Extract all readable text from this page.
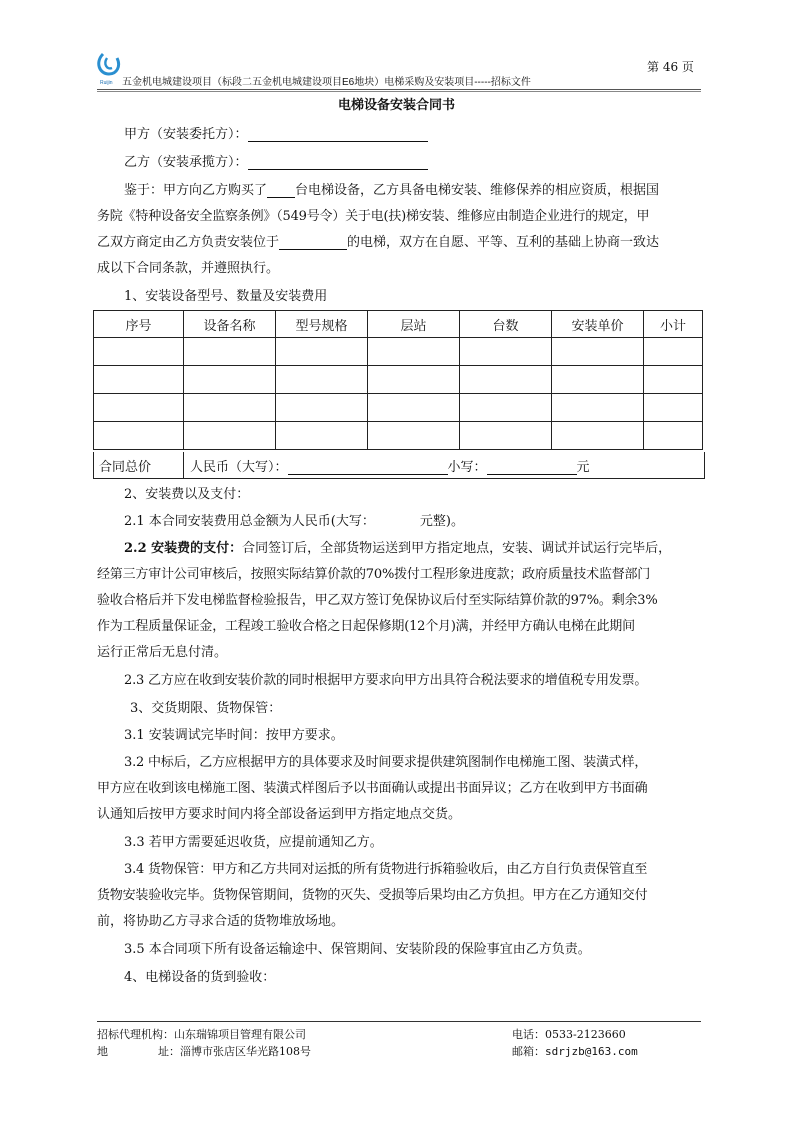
Ruijin
第 46 页
五金机电城建设项目（标段二五金机电城建设项目E6地块）电梯采购及安装项目-----招标文件
电梯设备安装合同书
甲方（安装委托方）：
乙方（安装承揽方）：
鉴于：甲方向乙方购买了 台电梯设备，乙方具备电梯安装、维修保养的相应资质，根据国
务院《特种设备安全监察条例》（549号令）关于电(扶)梯安装、维修应由制造企业进行的规定，甲
乙双方商定由乙方负责安装位于	的电梯，双方在自愿、平等、互利的基础上协商一致达
成以下合同条款，并遵照执行。
1、安装设备型号、数量及安装费用
序号	设备名称	型号规格	层站	台数	安装单价	小计

合同总价	人民币（大写）：	小写：	元
2、安装费以及支付：
2.1 本合同安装费用总金额为人民币(大写：	元整)。
2.2 安装费的支付：合同签订后，全部货物运送到甲方指定地点，安装、调试并试运行完毕后，
经第三方审计公司审核后，按照实际结算价款的70%拨付工程形象进度款；政府质量技术监督部门
验收合格后并下发电梯监督检验报告，甲乙双方签订免保协议后付至实际结算价款的97%。剩余3%
作为工程质量保证金，工程竣工验收合格之日起保修期(12个月)满，并经甲方确认电梯在此期间
运行正常后无息付清。
2.3 乙方应在收到安装价款的同时根据甲方要求向甲方出具符合税法要求的增值税专用发票。
3、交货期限、货物保管：
3.1 安装调试完毕时间：按甲方要求。
3.2 中标后，乙方应根据甲方的具体要求及时间要求提供建筑图制作电梯施工图、装潢式样，
甲方应在收到该电梯施工图、装潢式样图后予以书面确认或提出书面异议；乙方在收到甲方书面确
认通知后按甲方要求时间内将全部设备运到甲方指定地点交货。
3.3 若甲方需要延迟收货，应提前通知乙方。
3.4 货物保管：甲方和乙方共同对运抵的所有货物进行拆箱验收后，由乙方自行负责保管直至
货物安装验收完毕。货物保管期间，货物的灭失、受损等后果均由乙方负担。甲方在乙方通知交付
前，将协助乙方寻求合适的货物堆放场地。
3.5 本合同项下所有设备运输途中、保管期间、安装阶段的保险事宜由乙方负责。
4、电梯设备的货到验收：
招标代理机构：山东瑞锦项目管理有限公司
地	址：淄博市张店区华光路108号
电话：0533-2123660
邮箱：sdrjzb@163.com
